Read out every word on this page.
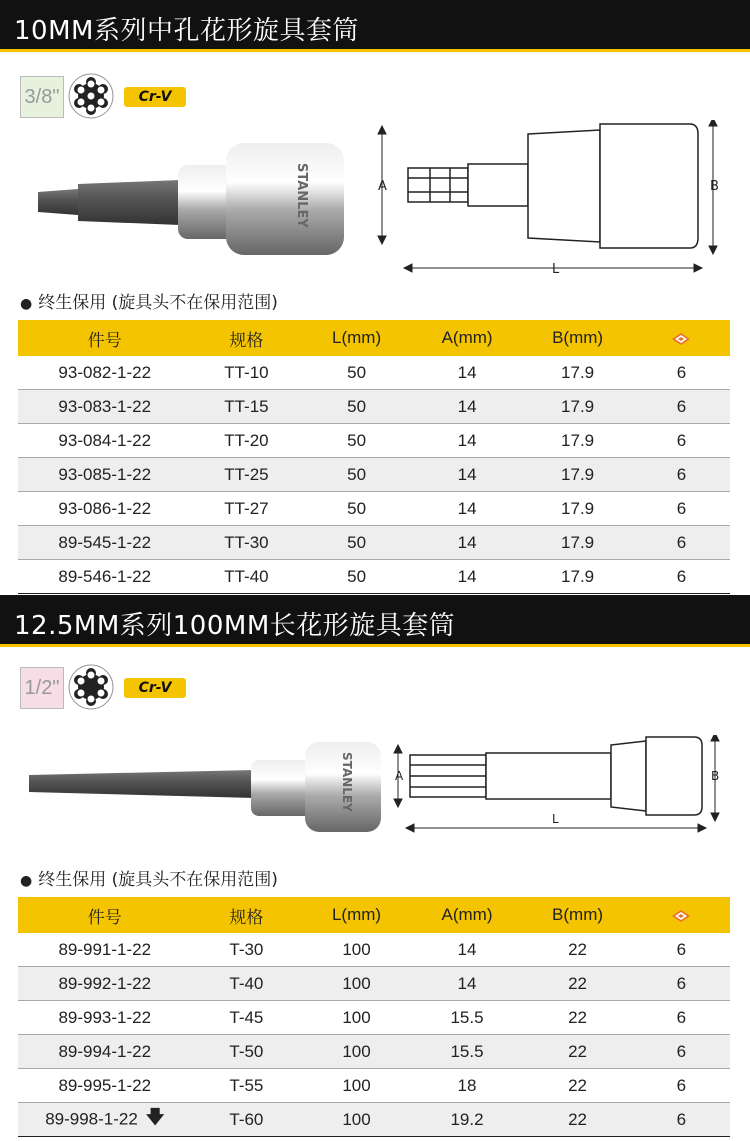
10MM系列中孔花形旋具套筒
3/8"	Cr-V
STANLEY	A	B
L
● 终生保用 (旋具头不在保用范围)
件号	规格	L(mm)	A(mm)	B(mm)	
93-082-1-22	TT-10	50	14	17.9	6
93-083-1-22	TT-15	50	14	17.9	6
93-084-1-22	TT-20	50	14	17.9	6
93-085-1-22	TT-25	50	14	17.9	6
93-086-1-22	TT-27	50	14	17.9	6
89-545-1-22	TT-30	50	14	17.9	6
89-546-1-22	TT-40	50	14	17.9	6
12.5MM系列100MM长花形旋具套筒
1/2"	Cr-V
STANLEY	A	B
L
● 终生保用 (旋具头不在保用范围)
件号	规格	L(mm)	A(mm)	B(mm)	
89-991-1-22	T-30	100	14	22	6
89-992-1-22	T-40	100	14	22	6
89-993-1-22	T-45	100	15.5	22	6
89-994-1-22	T-50	100	15.5	22	6
89-995-1-22	T-55	100	18	22	6
89-998-1-22 🡇	T-60	100	19.2	22	6
